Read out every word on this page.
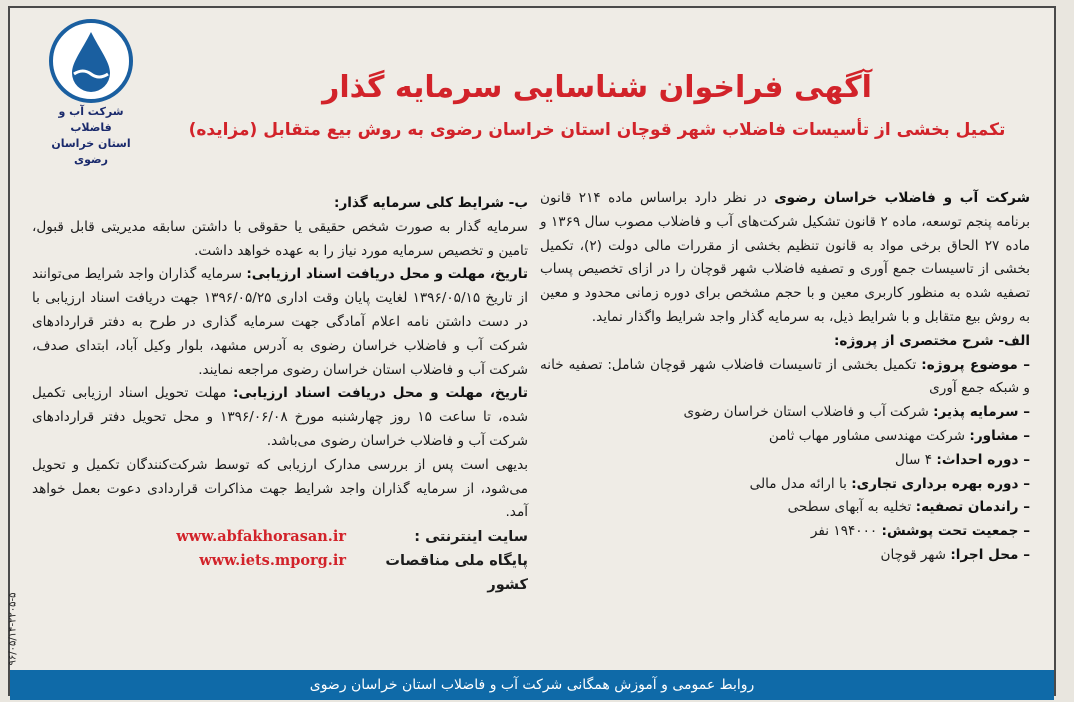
شرکت آب و فاضلاب
استان خراسان رضوی
آگهی فراخوان شناسایی سرمایه گذار
تکمیل بخشی از تأسیسات فاضلاب شهر قوچان استان خراسان رضوی به روش بیع متقابل (مزایده)

شرکت آب و فاضلاب خراسان رضوی در نظر دارد براساس ماده ۲۱۴ قانون برنامه پنجم توسعه، ماده ۲ قانون تشکیل شرکت‌های آب و فاضلاب مصوب سال ۱۳۶۹ و ماده ۲۷ الحاق برخی مواد به قانون تنظیم بخشی از مقررات مالی دولت (۲)، تکمیل بخشی از تاسیسات جمع آوری و تصفیه فاضلاب شهر قوچان را در ازای تخصیص پساب تصفیه شده به منظور کاربری معین و با حجم مشخص برای دوره زمانی محدود و معین به روش بیع متقابل و با شرایط ذیل، به سرمایه گذار واجد شرایط واگذار نماید.

الف- شرح مختصری از پروژه:

– موضوع پروژه: تکمیل بخشی از تاسیسات فاضلاب شهر قوچان شامل: تصفیه خانه و شبکه جمع آوری

– سرمایه پذیر: شرکت آب و فاضلاب استان خراسان رضوی

– مشاور: شرکت مهندسی مشاور مهاب ثامن

– دوره احداث: ۴ سال

– دوره بهره برداری تجاری: با ارائه مدل مالی

– راندمان تصفیه: تخلیه به آبهای سطحی

– جمعیت تحت پوشش: ۱۹۴۰۰۰ نفر

– محل اجرا: شهر قوچان

ب- شرایط کلی سرمایه گذار:

سرمایه گذار به صورت شخص حقیقی یا حقوقی با داشتن سابقه مدیریتی قابل قبول، تامین و تخصیص سرمایه مورد نیاز را به عهده خواهد داشت.

تاریخ، مهلت و محل دریافت اسناد ارزیابی: سرمایه گذاران واجد شرایط می‌توانند از تاریخ ۱۳۹۶/۰۵/۱۵ لغایت پایان وقت اداری ۱۳۹۶/۰۵/۲۵ جهت دریافت اسناد ارزیابی با در دست داشتن نامه اعلام آمادگی جهت سرمایه گذاری در طرح به دفتر قراردادهای شرکت آب و فاضلاب خراسان رضوی به آدرس مشهد، بلوار وکیل آباد، ابتدای صدف، شرکت آب و فاضلاب استان خراسان رضوی مراجعه نمایند.

تاریخ، مهلت و محل دریافت اسناد ارزیابی: مهلت تحویل اسناد ارزیابی تکمیل شده، تا ساعت ۱۵ روز چهارشنبه مورخ ۱۳۹۶/۰۶/۰۸ و محل تحویل دفتر قراردادهای شرکت آب و فاضلاب خراسان رضوی می‌باشد.

بدیهی است پس از بررسی مدارک ارزیابی که توسط شرکت‌کنندگان تکمیل و تحویل می‌شود، از سرمایه گذاران واجد شرایط جهت مذاکرات قراردادی دعوت بعمل خواهد آمد.

سایت اینترنتی :
www.abfakhorasan.ir
پایگاه ملی مناقصات کشور
www.iets.mporg.ir
۹۶/۰۵/۱۴-۲۲۰۵-۵
روابط عمومی و آموزش همگانی شرکت آب و فاضلاب استان خراسان رضوی
